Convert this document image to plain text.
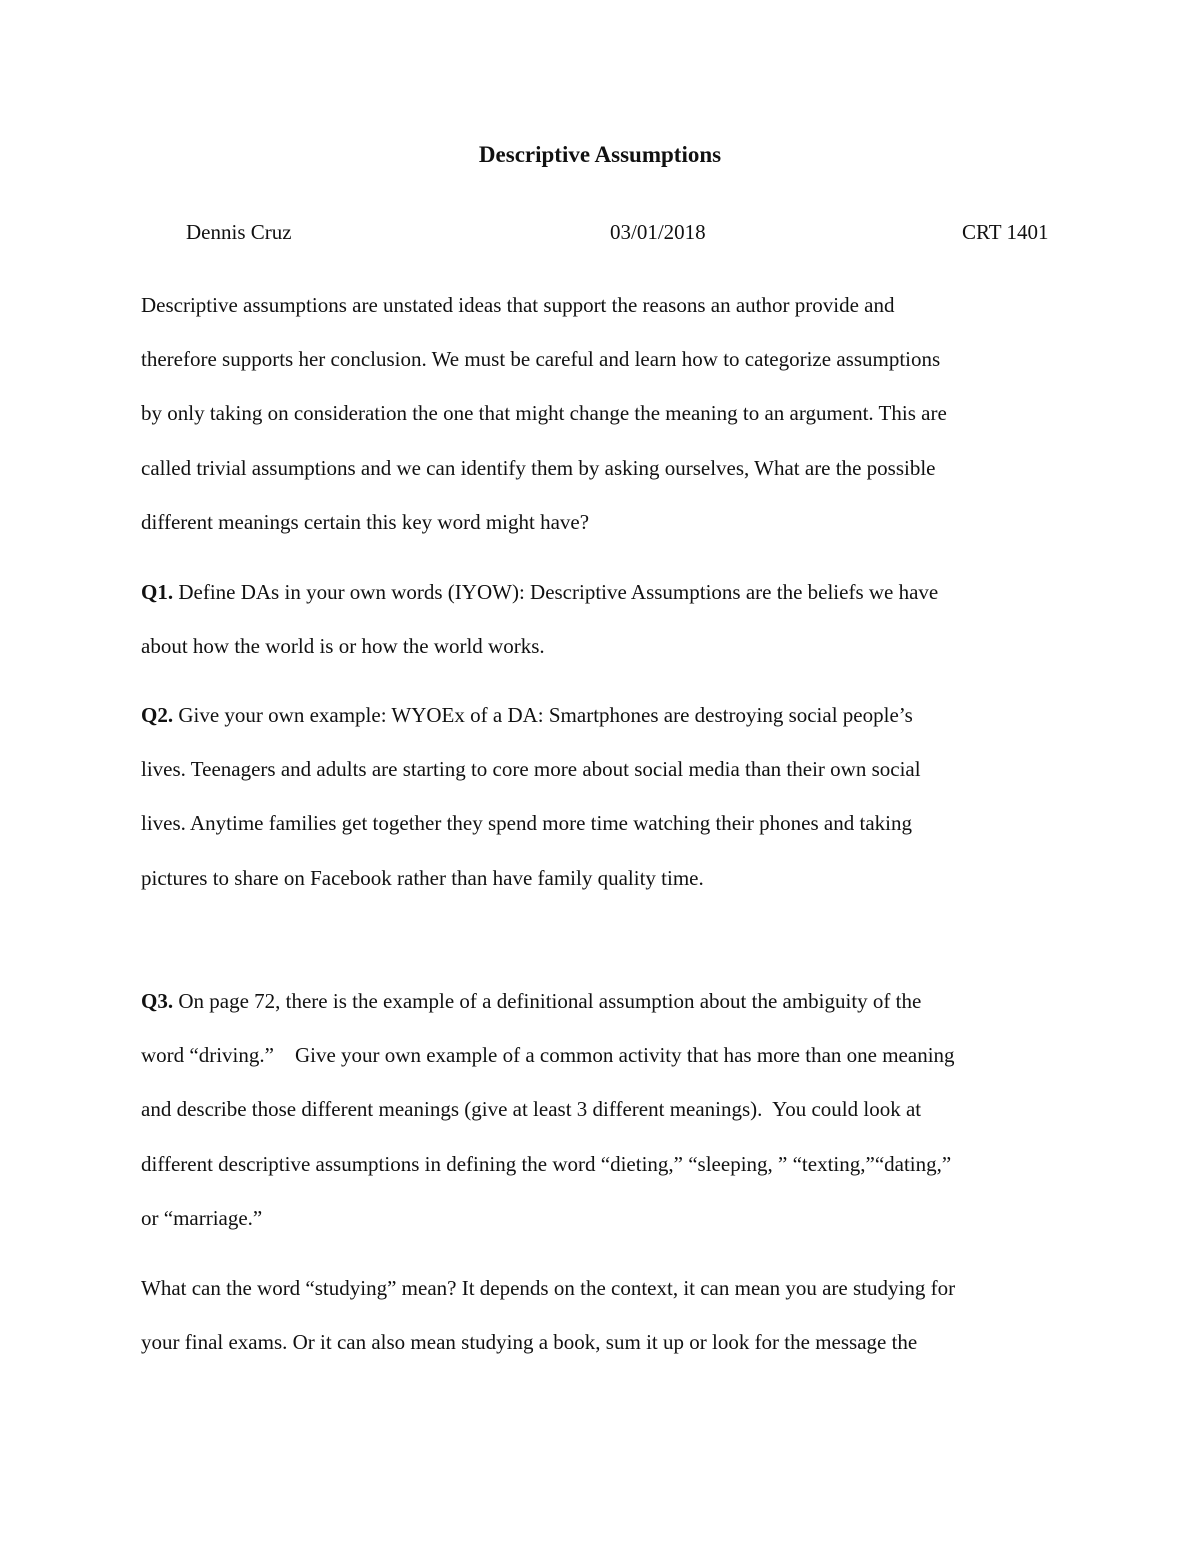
Descriptive Assumptions

Dennis Cruz	03/01/2018	CRT 1401

Descriptive assumptions are unstated ideas that support the reasons an author provide and

therefore supports her conclusion. We must be careful and learn how to categorize assumptions

by only taking on consideration the one that might change the meaning to an argument. This are

called trivial assumptions and we can identify them by asking ourselves, What are the possible

different meanings certain this key word might have?

Q1. Define DAs in your own words (IYOW): Descriptive Assumptions are the beliefs we have

about how the world is or how the world works.

Q2. Give your own example: WYOEx of a DA: Smartphones are destroying social people’s

lives. Teenagers and adults are starting to core more about social media than their own social

lives. Anytime families get together they spend more time watching their phones and taking

pictures to share on Facebook rather than have family quality time.

Q3. On page 72, there is the example of a definitional assumption about the ambiguity of the

word “driving.”    Give your own example of a common activity that has more than one meaning

and describe those different meanings (give at least 3 different meanings).  You could look at

different descriptive assumptions in defining the word “dieting,” “sleeping, ” “texting,”“dating,”

or “marriage.”

What can the word “studying” mean? It depends on the context, it can mean you are studying for

your final exams. Or it can also mean studying a book, sum it up or look for the message the
